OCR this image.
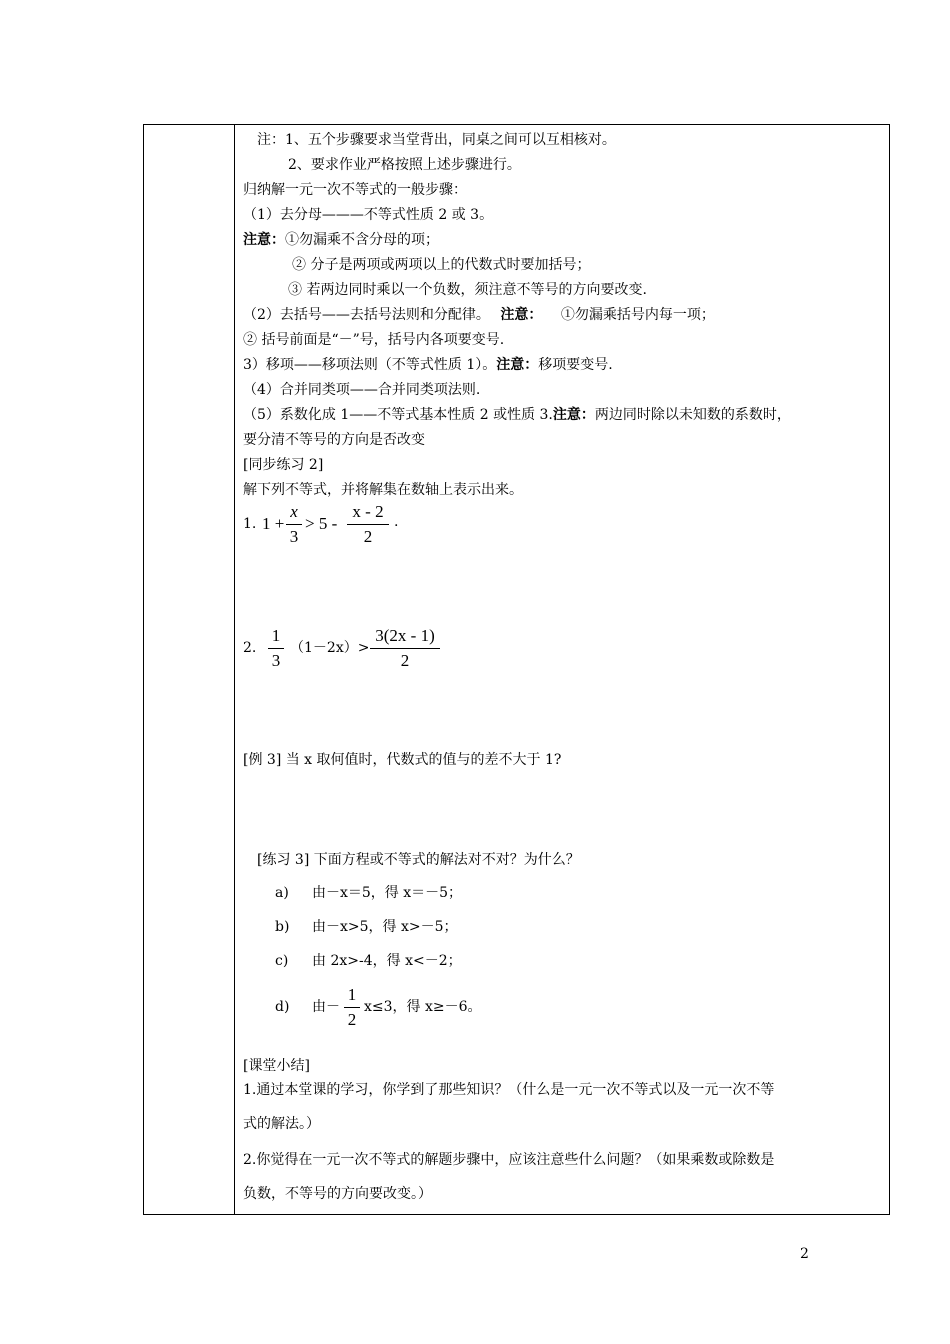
注：1、五个步骤要求当堂背出，同桌之间可以互相核对。
2、要求作业严格按照上述步骤进行。
归纳解一元一次不等式的一般步骤：
（1）去分母———不等式性质 2 或 3。
注意：①勿漏乘不含分母的项；
② 分子是两项或两项以上的代数式时要加括号；
③ 若两边同时乘以一个负数，须注意不等号的方向要改变.
（2）去括号——去括号法则和分配律。 注意： ①勿漏乘括号内每一项；
② 括号前面是“－”号，括号内各项要变号.
3）移项——移项法则（不等式性质 1）。注意：移项要变号.
（4）合并同类项——合并同类项法则.
（5）系数化成 1——不等式基本性质 2 或性质 3.注意：两边同时除以未知数的系数时，
要分清不等号的方向是否改变
[同步练习 2]
解下列不等式，并将解集在数轴上表示出来。
1. 1 +
x
3
> 5 -
x - 2
2
.
2.
1
3
（1－2x）>
3(2x - 1)
2
[例 3] 当 x 取何值时，代数式的值与的差不大于 1?
[练习 3] 下面方程或不等式的解法对不对？为什么？
a) 由－x＝5，得 x＝－5；
b) 由－x>5，得 x>－5；
c) 由 2x>-4，得 x<－2；
d) 由－
1
2
x≤3，得 x≥－6。
[课堂小结]
1.通过本堂课的学习，你学到了那些知识？（什么是一元一次不等式以及一元一次不等
式的解法。）
2.你觉得在一元一次不等式的解题步骤中，应该注意些什么问题？（如果乘数或除数是
负数，不等号的方向要改变。）
2
